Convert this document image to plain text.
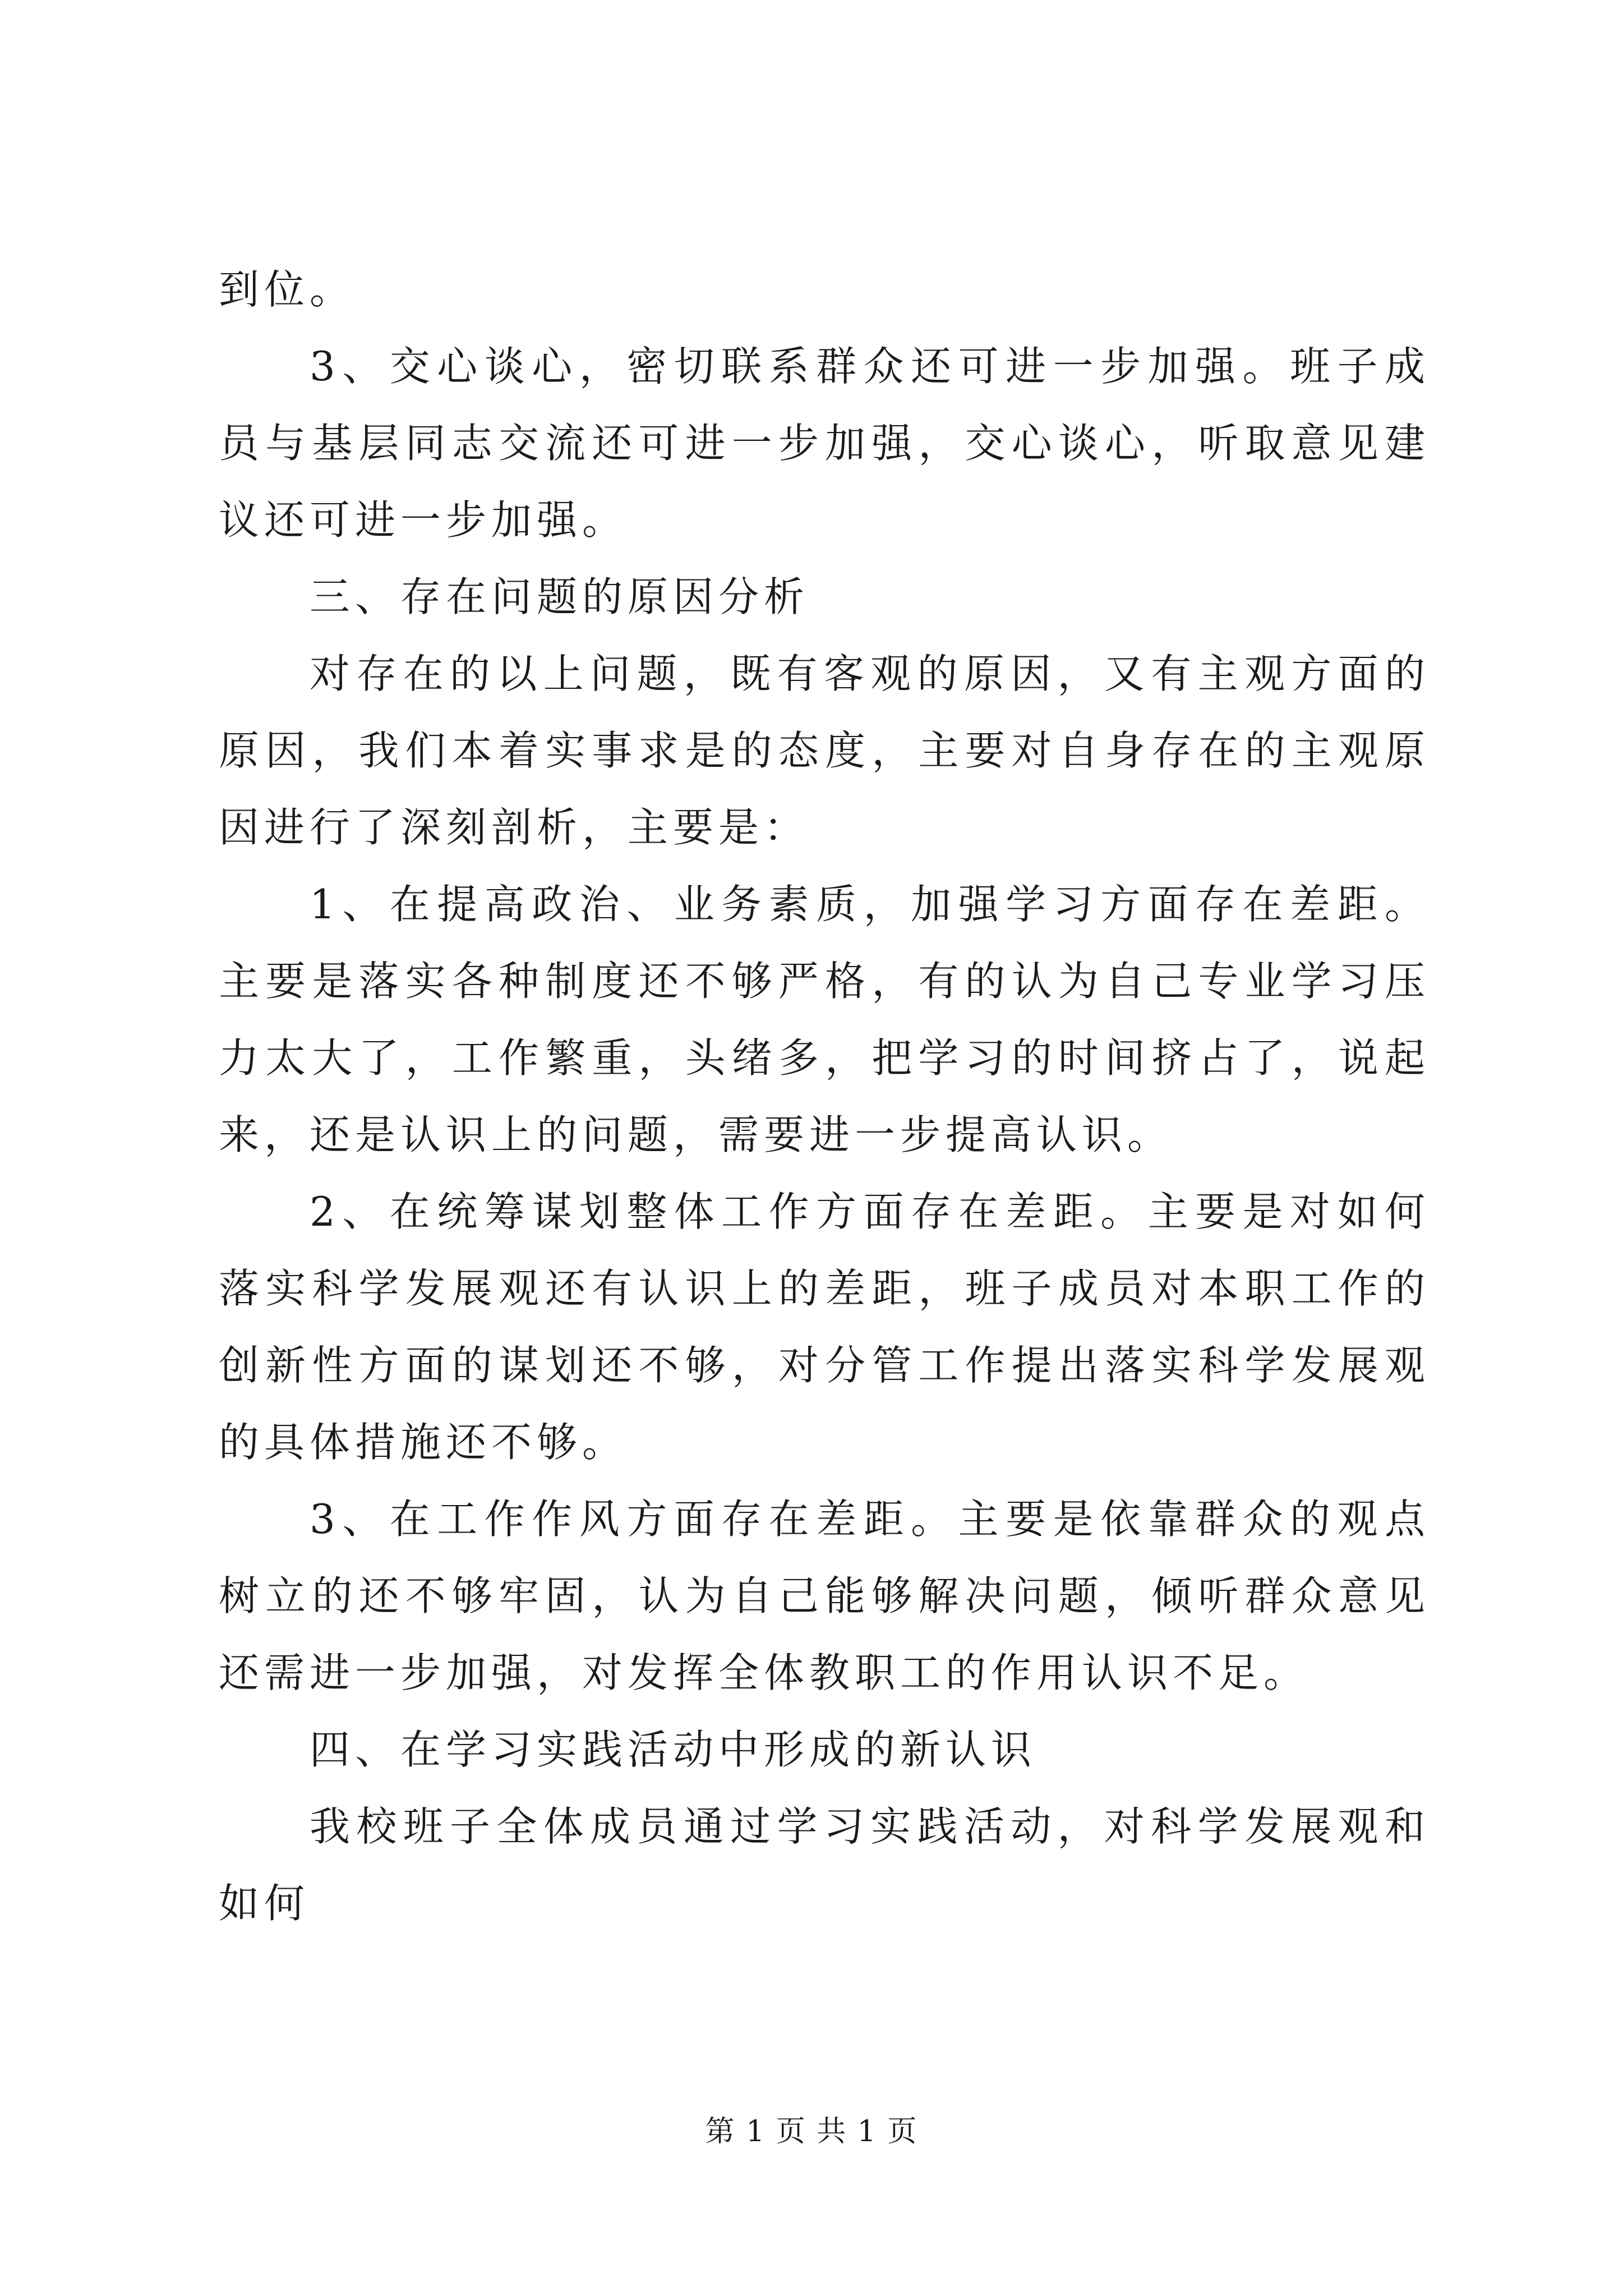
到位。

3、交心谈心，密切联系群众还可进一步加强。班子成员与基层同志交流还可进一步加强，交心谈心，听取意见建议还可进一步加强。

三、存在问题的原因分析

对存在的以上问题，既有客观的原因，又有主观方面的原因，我们本着实事求是的态度，主要对自身存在的主观原因进行了深刻剖析，主要是：

1、在提高政治、业务素质，加强学习方面存在差距。主要是落实各种制度还不够严格，有的认为自己专业学习压力太大了，工作繁重，头绪多，把学习的时间挤占了，说起来，还是认识上的问题，需要进一步提高认识。

2、在统筹谋划整体工作方面存在差距。主要是对如何落实科学发展观还有认识上的差距，班子成员对本职工作的创新性方面的谋划还不够，对分管工作提出落实科学发展观的具体措施还不够。

3、在工作作风方面存在差距。主要是依靠群众的观点树立的还不够牢固，认为自己能够解决问题，倾听群众意见还需进一步加强，对发挥全体教职工的作用认识不足。

四、在学习实践活动中形成的新认识

我校班子全体成员通过学习实践活动，对科学发展观和如何

第 1 页 共 1 页
